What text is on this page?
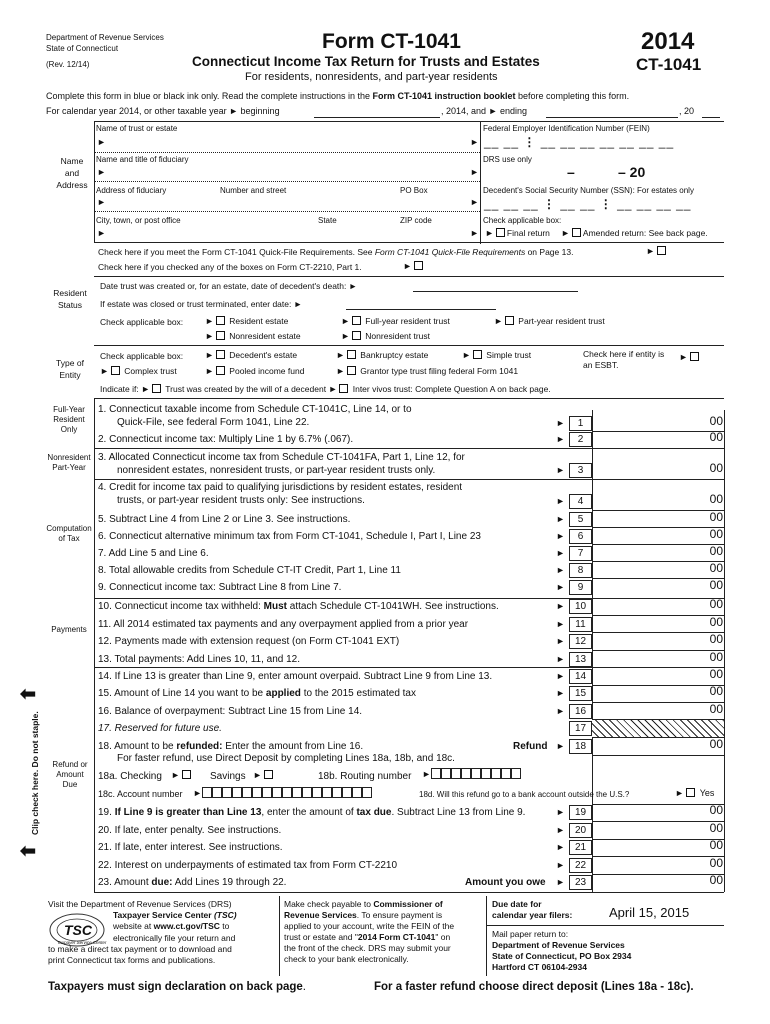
Department of Revenue Services
State of Connecticut
(Rev. 12/14)
Form CT-1041
Connecticut Income Tax Return for Trusts and Estates
For residents, nonresidents, and part-year residents
2014
CT-1041
Complete this form in blue or black ink only. Read the complete instructions in the Form CT-1041 instruction booklet before completing this form.
For calendar year 2014, or other taxable year ► beginning	, 2014, and ► ending	, 20
Name of trust or estate
►	►
Name and title of fiduciary
►	►
Address of fiduciary	Number and street	PO Box
►	►
City, town, or post office	State	ZIP code
►	►
Name and Address
Federal Employer Identification Number (FEIN)
__ __ ⋮ __ __ __ __ __ __ __
DRS use only
–	– 20
Decedent's Social Security Number (SSN): For estates only
__ __ __ ⋮ __ __ ⋮ __ __ __ __
Check applicable box:
► Final return ► Amended return: See back page.
Check here if you meet the Form CT-1041 Quick-File Requirements. See Form CT-1041 Quick-File Requirements on Page 13.	►
Check here if you checked any of the boxes on Form CT-2210, Part 1.	►
Resident Status
Date trust was created or, for an estate, date of decedent's death: ►
If estate was closed or trust terminated, enter date: ►
Check applicable box: ► Resident estate	► Full-year resident trust	► Part-year resident trust
► Nonresident estate	► Nonresident trust
Type of Entity
Check applicable box: ► Decedent's estate	► Bankruptcy estate	► Simple trust
► Complex trust	► Pooled income fund	► Grantor type trust filing federal Form 1041
Check here if entity is an ESBT.
►
Indicate if: ► Trust was created by the will of a decedent ► Inter vivos trust: Complete Question A on back page.
Full-Year Resident Only
Nonresident Part-Year
Computation of Tax
Payments
Refund or Amount Due
Clip check here. Do not staple.
⬅
⬅
1. Connecticut taxable income from Schedule CT-1041C, Line 14, or to
Quick-File, see federal Form 1041, Line 22.	►	1	00
2. Connecticut income tax: Multiply Line 1 by 6.7% (.067).	►	2	00
3. Allocated Connecticut income tax from Schedule CT-1041FA, Part 1, Line 12, for
nonresident estates, nonresident trusts, or part-year resident trusts only.	►	3	00
4. Credit for income tax paid to qualifying jurisdictions by resident estates, resident
trusts, or part-year resident trusts only: See instructions.	►	4	00
5. Subtract Line 4 from Line 2 or Line 3. See instructions.	►	5	00
6. Connecticut alternative minimum tax from Form CT-1041, Schedule I, Part I, Line 23	►	6	00
7. Add Line 5 and Line 6.	►	7	00
8. Total allowable credits from Schedule CT-IT Credit, Part 1, Line 11	►	8	00
9. Connecticut income tax: Subtract Line 8 from Line 7.	►	9	00
10. Connecticut income tax withheld: Must attach Schedule CT-1041WH. See instructions.	►	10	00
11. All 2014 estimated tax payments and any overpayment applied from a prior year	►	11	00
12. Payments made with extension request (on Form CT-1041 EXT)	►	12	00
13. Total payments: Add Lines 10, 11, and 12.	►	13	00
14. If Line 13 is greater than Line 9, enter amount overpaid. Subtract Line 9 from Line 13.	►	14	00
15. Amount of Line 14 you want to be applied to the 2015 estimated tax	►	15	00
16. Balance of overpayment: Subtract Line 15 from Line 14.	►	16	00
17. Reserved for future use.	17
18. Amount to be refunded: Enter the amount from Line 16.	Refund ►	18	00
For faster refund, use Direct Deposit by completing Lines 18a, 18b, and 18c.
18a. Checking ►	Savings ►	18b. Routing number ►
18c. Account number ►	18d. Will this refund go to a bank account outside the U.S.?	► Yes
19. If Line 9 is greater than Line 13, enter the amount of tax due. Subtract Line 13 from Line 9.	►	19	00
20. If late, enter penalty. See instructions.	►	20	00
21. If late, enter interest. See instructions.	►	21	00
22. Interest on underpayments of estimated tax from Form CT-2210	►	22	00
23. Amount due: Add Lines 19 through 22.	Amount you owe ►	23	00
Visit the Department of Revenue Services (DRS)
TSC
Taxpayer Service Center
Taxpayer Service Center (TSC)
website at www.ct.gov/TSC to
electronically file your return and
to make a direct tax payment or to download and
print Connecticut tax forms and publications.
Make check payable to Commissioner of
Revenue Services. To ensure payment is
applied to your account, write the FEIN of the
trust or estate and "2014 Form CT-1041" on
the front of the check. DRS may submit your
check to your bank electronically.
Due date for
calendar year filers:	April 15, 2015
Mail paper return to:
Department of Revenue Services
State of Connecticut, PO Box 2934
Hartford CT 06104-2934
Taxpayers must sign declaration on back page.	For a faster refund choose direct deposit (Lines 18a - 18c).
